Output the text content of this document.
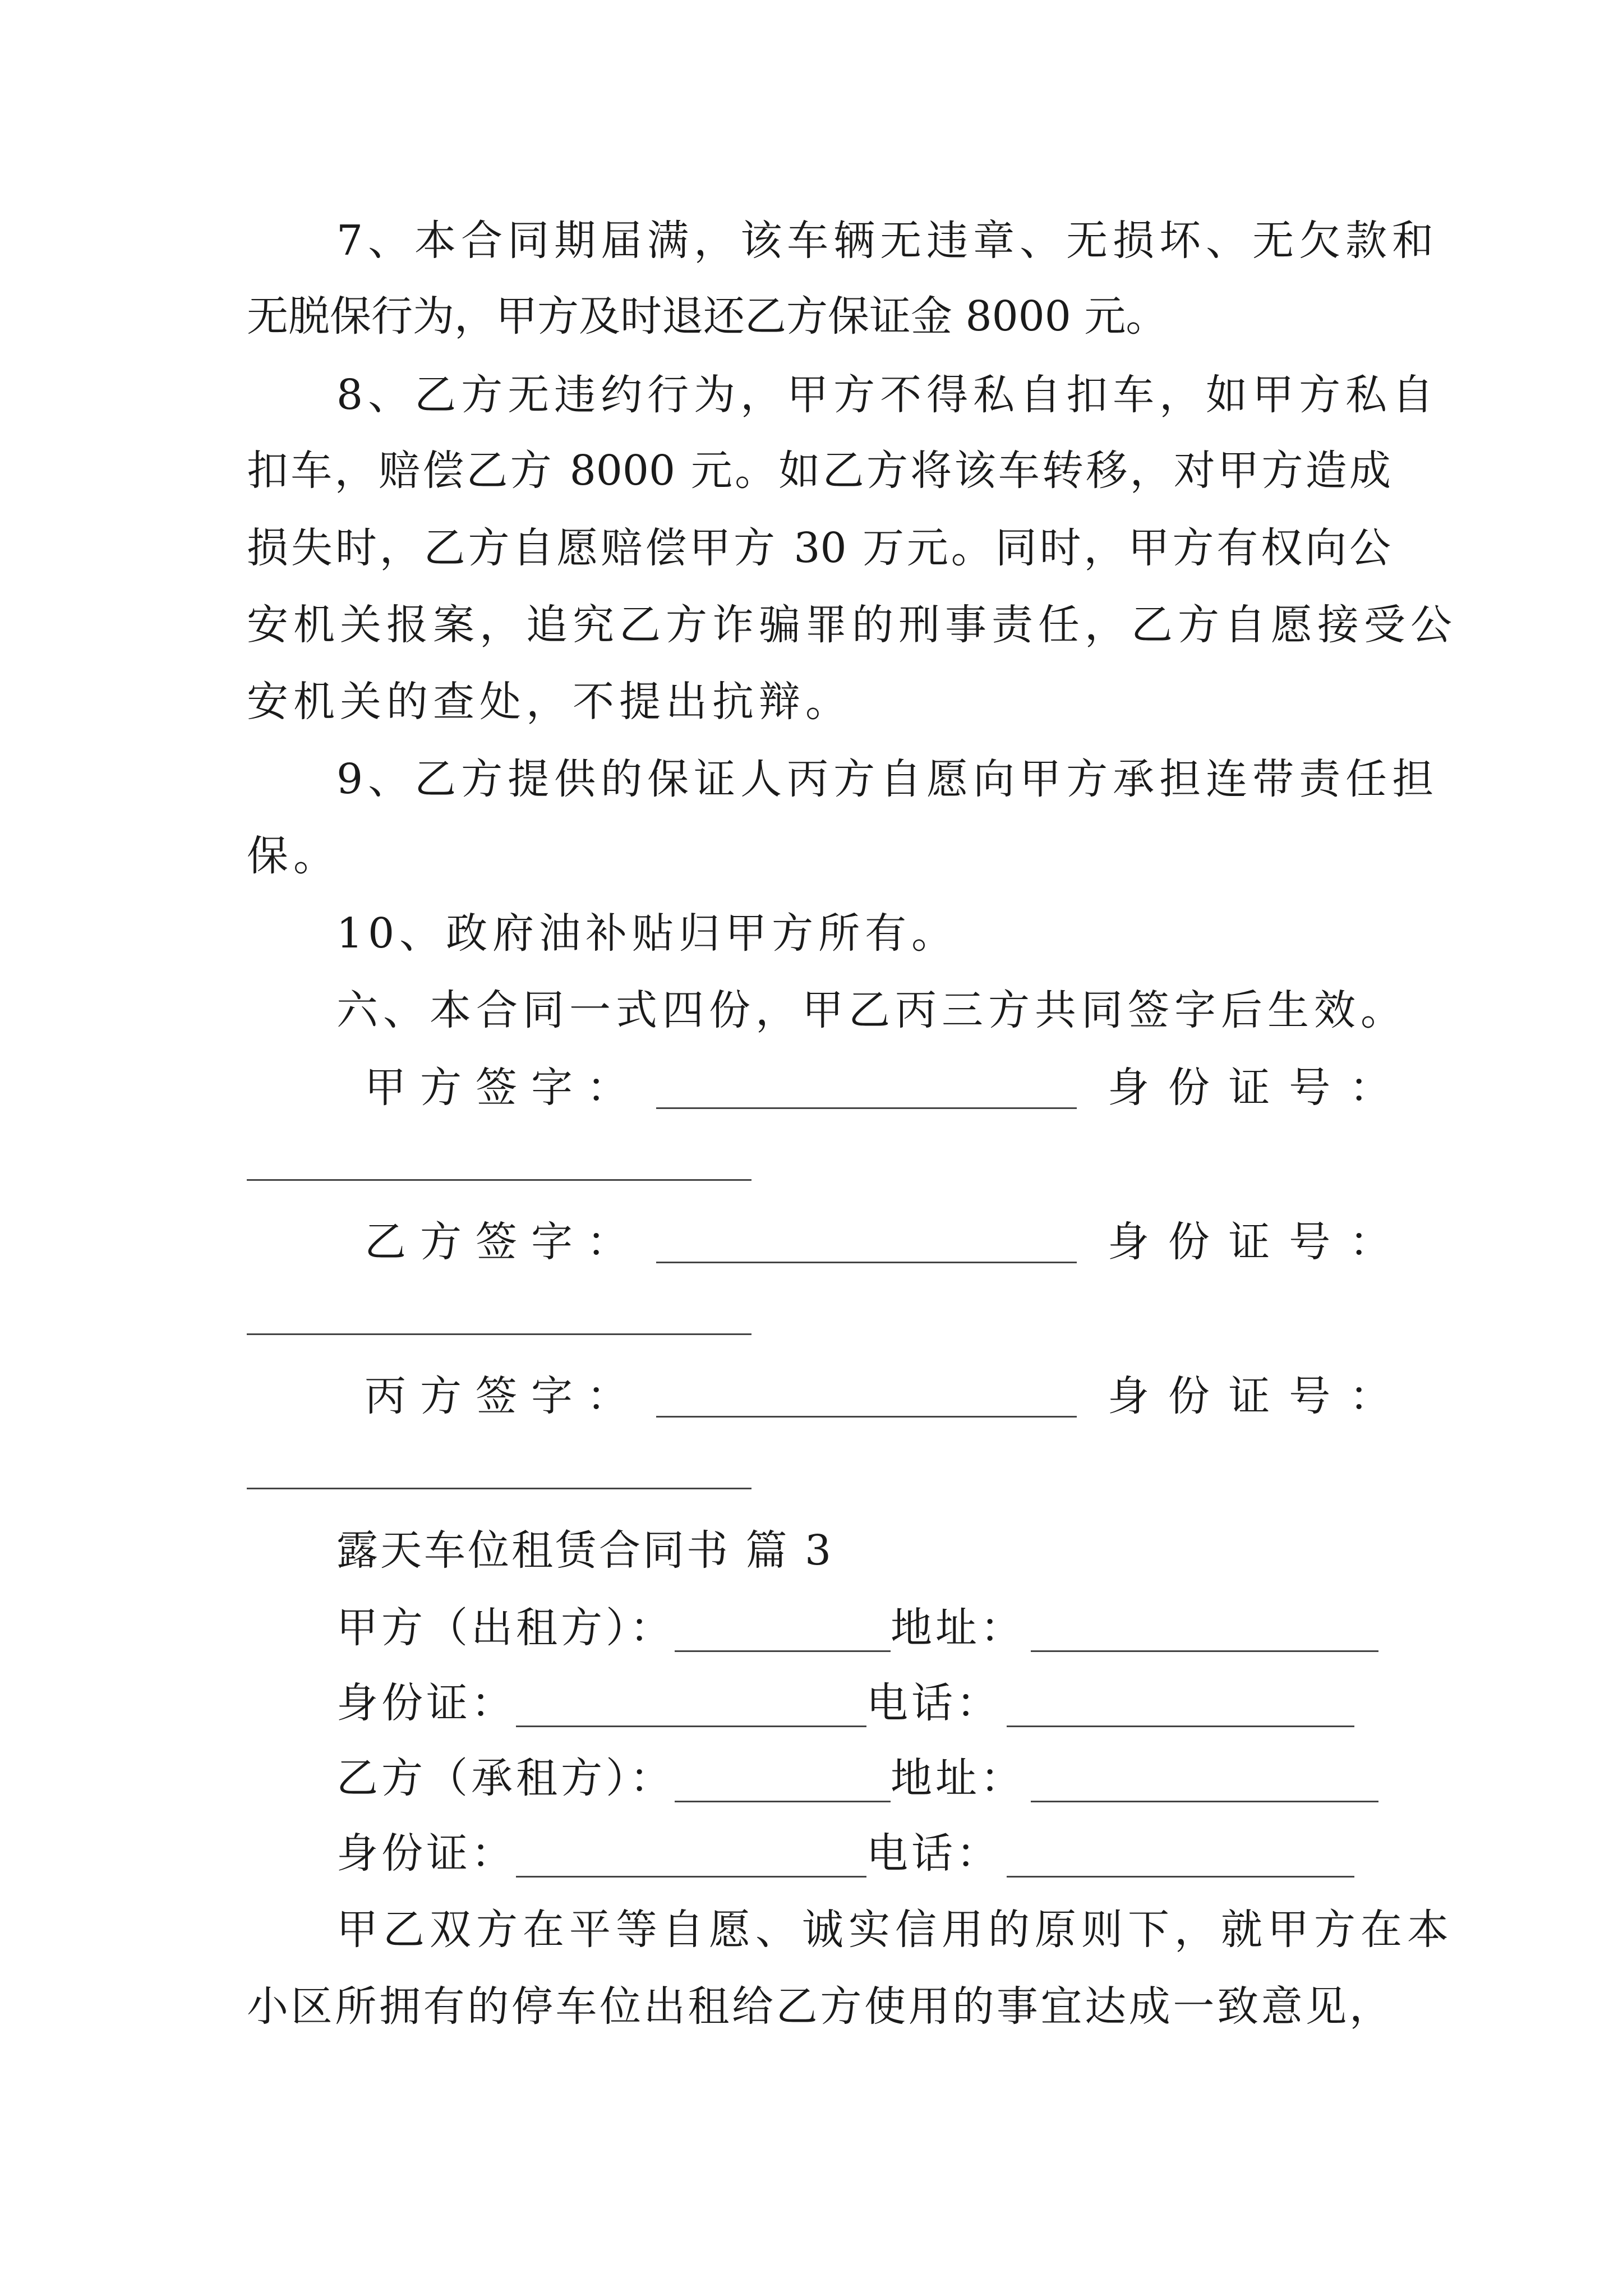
7、本合同期届满，该车辆无违章、无损坏、无欠款和
无脱保行为，甲方及时退还乙方保证金 8000 元。
8、乙方无违约行为，甲方不得私自扣车，如甲方私自
扣车，赔偿乙方 8000 元。如乙方将该车转移，对甲方造成
损失时，乙方自愿赔偿甲方 30 万元。同时，甲方有权向公
安机关报案，追究乙方诈骗罪的刑事责任，乙方自愿接受公
安机关的查处，不提出抗辩。
9、乙方提供的保证人丙方自愿向甲方承担连带责任担
保。
10、政府油补贴归甲方所有。
六、本合同一式四份，甲乙丙三方共同签字后生效。
甲 方 签 字 ：	身 份 证 号 ：
乙 方 签 字 ：	身 份 证 号 ：
丙 方 签 字 ：	身 份 证 号 ：
露天车位租赁合同书 篇 3
甲方（出租方）：	地址：
身份证：	电话：
乙方（承租方）：	地址：
身份证：	电话：
甲乙双方在平等自愿、诚实信用的原则下，就甲方在本
小区所拥有的停车位出租给乙方使用的事宜达成一致意见，
